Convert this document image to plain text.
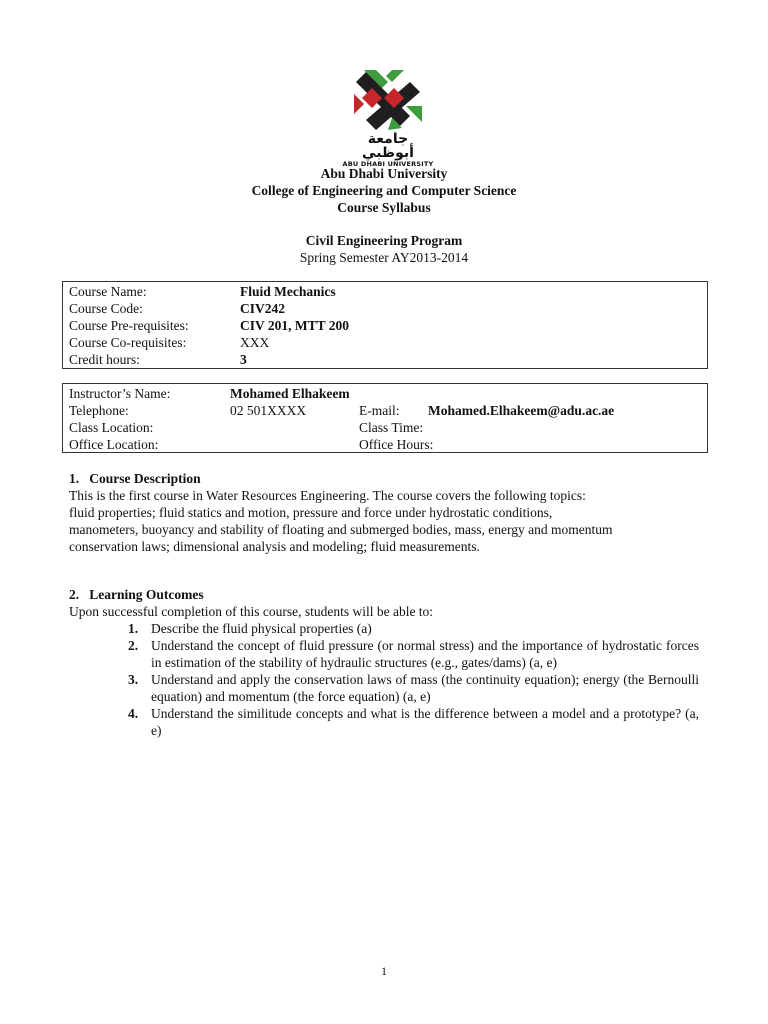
جامعة أبوظبي
ABU DHABI UNIVERSITY
Abu Dhabi University
College of Engineering and Computer Science
Course Syllabus
Civil Engineering Program
Spring Semester AY2013-2014
Course Name:	Fluid Mechanics
Course Code:	CIV242
Course Pre-requisites:	CIV 201, MTT 200
Course Co-requisites:	XXX
Credit hours:	3
Instructor’s Name:	Mohamed Elhakeem
Telephone:	02 501XXXX	E-mail: Mohamed.Elhakeem@adu.ac.ae
Class Location:	Class Time:
Office Location:	Office Hours:
1.   Course Description
This is the first course in Water Resources Engineering. The course covers the following topics:
fluid properties; fluid statics and motion, pressure and force under hydrostatic conditions,
manometers, buoyancy and stability of floating and submerged bodies, mass, energy and momentum
conservation laws; dimensional analysis and modeling; fluid measurements.
2.   Learning Outcomes
Upon successful completion of this course, students will be able to:
1. Describe the fluid physical properties (a)
2. Understand the concept of fluid pressure (or normal stress) and the importance of hydrostatic forces in estimation of the stability of hydraulic structures (e.g., gates/dams) (a, e)
3. Understand and apply the conservation laws of mass (the continuity equation); energy (the Bernoulli equation) and momentum (the force equation) (a, e)
4. Understand the similitude concepts and what is the difference between a model and a prototype? (a, e)
1
